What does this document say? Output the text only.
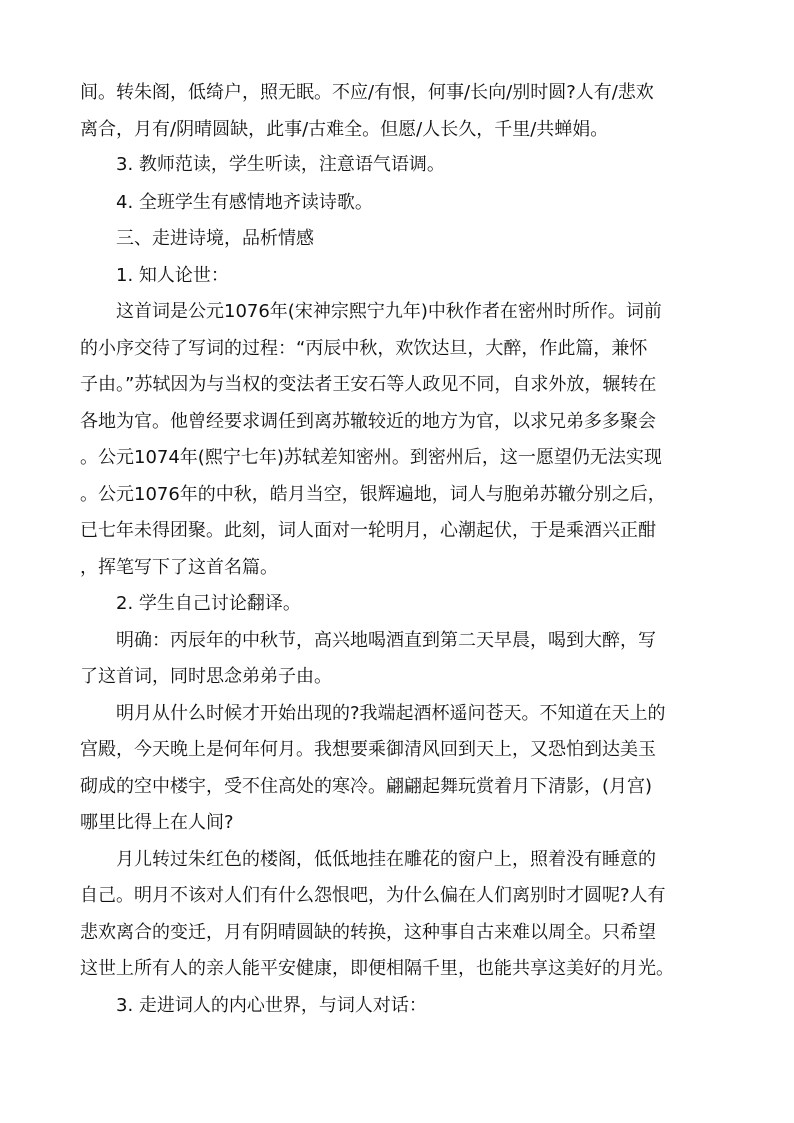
间。转朱阁，低绮户，照无眠。不应/有恨，何事/长向/别时圆?人有/悲欢
离合，月有/阴晴圆缺，此事/古难全。但愿/人长久，千里/共蝉娟。
3. 教师范读，学生听读，注意语气语调。
4. 全班学生有感情地齐读诗歌。
三、走进诗境，品析情感
1. 知人论世：
这首词是公元1076年(宋神宗熙宁九年)中秋作者在密州时所作。词前
的小序交待了写词的过程：“丙辰中秋，欢饮达旦，大醉，作此篇，兼怀
子由。”苏轼因为与当权的变法者王安石等人政见不同，自求外放，辗转在
各地为官。他曾经要求调任到离苏辙较近的地方为官，以求兄弟多多聚会
。公元1074年(熙宁七年)苏轼差知密州。到密州后，这一愿望仍无法实现
。公元1076年的中秋，皓月当空，银辉遍地，词人与胞弟苏辙分别之后，
已七年未得团聚。此刻，词人面对一轮明月，心潮起伏，于是乘酒兴正酣
，挥笔写下了这首名篇。
2. 学生自己讨论翻译。
明确：丙辰年的中秋节，高兴地喝酒直到第二天早晨，喝到大醉，写
了这首词，同时思念弟弟子由。
明月从什么时候才开始出现的?我端起酒杯遥问苍天。不知道在天上的
宫殿，今天晚上是何年何月。我想要乘御清风回到天上，又恐怕到达美玉
砌成的空中楼宇，受不住高处的寒冷。翩翩起舞玩赏着月下清影，(月宫)
哪里比得上在人间?
月儿转过朱红色的楼阁，低低地挂在雕花的窗户上，照着没有睡意的
自己。明月不该对人们有什么怨恨吧，为什么偏在人们离别时才圆呢?人有
悲欢离合的变迁，月有阴晴圆缺的转换，这种事自古来难以周全。只希望
这世上所有人的亲人能平安健康，即便相隔千里，也能共享这美好的月光。
3. 走进词人的内心世界，与词人对话：
